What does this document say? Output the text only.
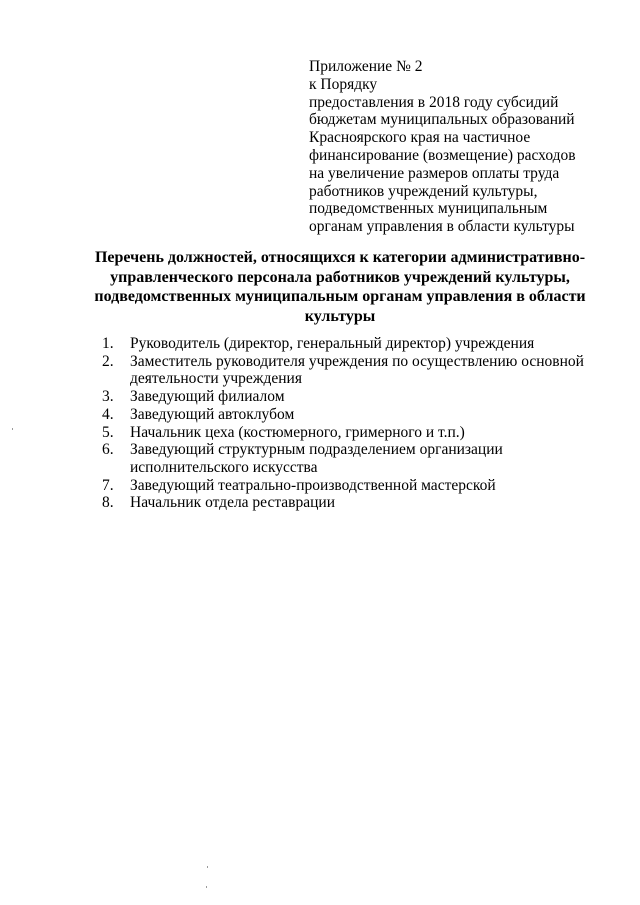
Приложение № 2
к Порядку
предоставления в 2018 году субсидий
бюджетам муниципальных образований
Красноярского края на частичное
финансирование (возмещение) расходов
на увеличение размеров оплаты труда
работников учреждений культуры,
подведомственных муниципальным
органам управления в области культуры
Перечень должностей, относящихся к категории административно-
управленческого персонала работников учреждений культуры,
подведомственных муниципальным органам управления в области
культуры
1.	Руководитель (директор, генеральный директор) учреждения
2.	Заместитель руководителя учреждения по осуществлению основной
деятельности учреждения
3.	Заведующий филиалом
4.	Заведующий автоклубом
5.	Начальник цеха (костюмерного, гримерного и т.п.)
6.	Заведующий структурным подразделением организации
исполнительского искусства
7.	Заведующий театрально-производственной мастерской
8.	Начальник отдела реставрации
